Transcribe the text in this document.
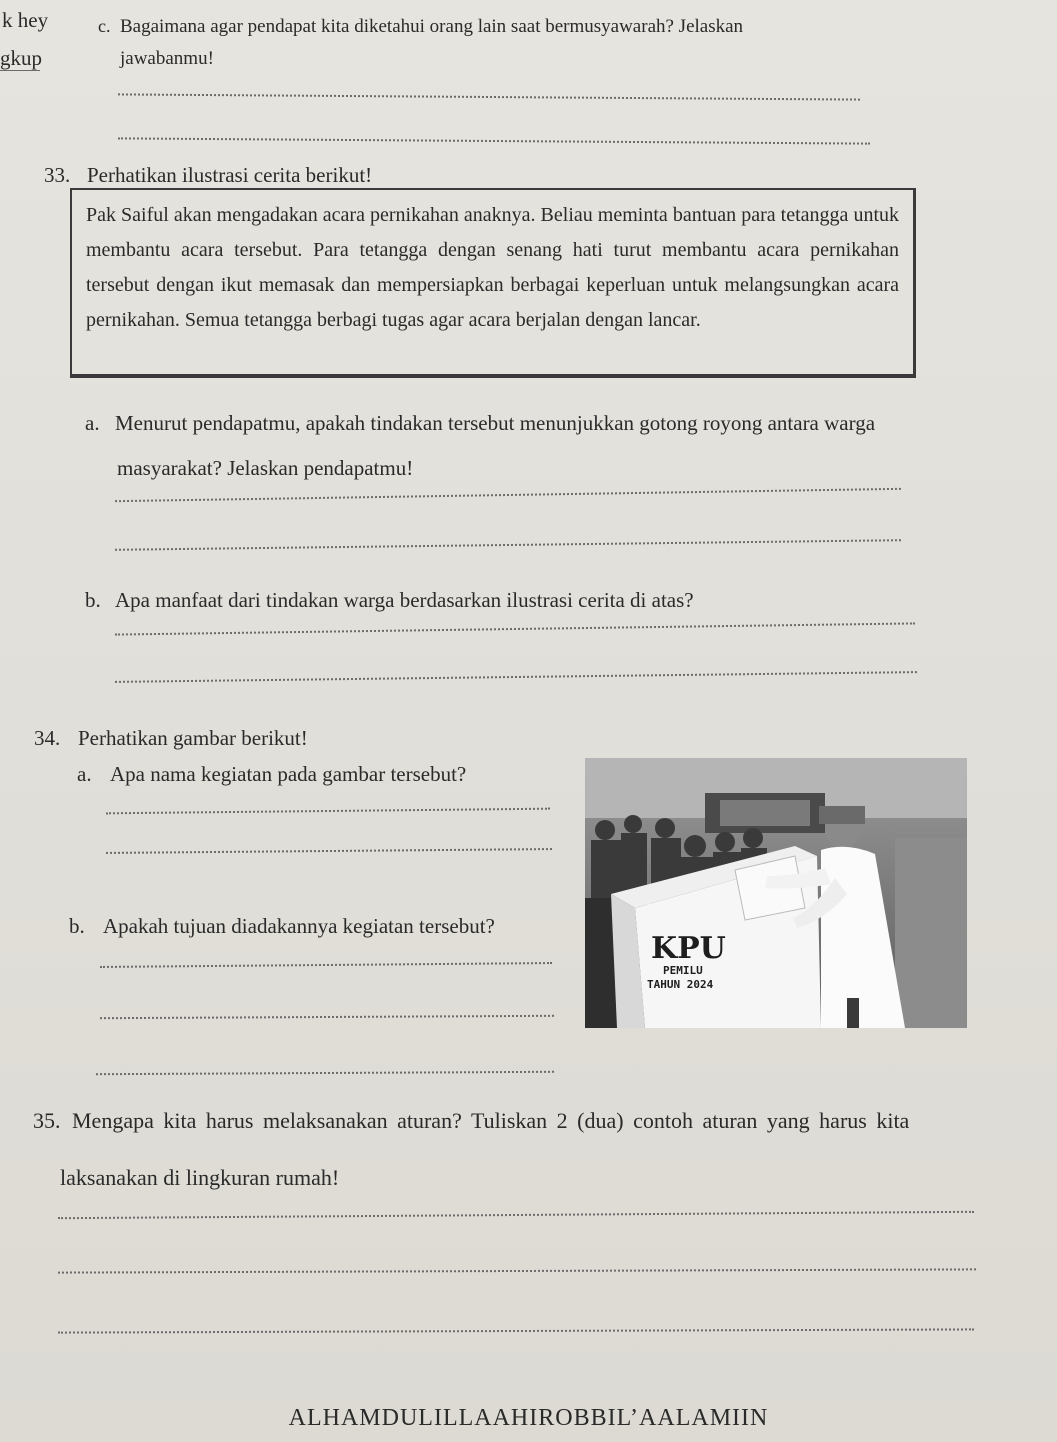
k hey
gkup
c. Bagaimana agar pendapat kita diketahui orang lain saat bermusyawarah? Jelaskan
jawabanmu!
33. Perhatikan ilustrasi cerita berikut!
Pak Saiful akan mengadakan acara pernikahan anaknya. Beliau meminta bantuan para tetangga untuk membantu acara tersebut. Para tetangga dengan senang hati turut membantu acara pernikahan tersebut dengan ikut memasak dan mempersiapkan berbagai keperluan untuk melangsungkan acara pernikahan. Semua tetangga berbagi tugas agar acara berjalan dengan lancar.
a. Menurut pendapatmu, apakah tindakan tersebut menunjukkan gotong royong antara warga
masyarakat? Jelaskan pendapatmu!
b. Apa manfaat dari tindakan warga berdasarkan ilustrasi cerita di atas?
34. Perhatikan gambar berikut!
a. Apa nama kegiatan pada gambar tersebut?
b. Apakah tujuan diadakannya kegiatan tersebut?
KPU
PEMILU
TAHUN 2024
35. Mengapa kita harus melaksanakan aturan? Tuliskan 2 (dua) contoh aturan yang harus kita
laksanakan di lingkuran rumah!
ALHAMDULILLAAHIROBBIL’AALAMIIN
